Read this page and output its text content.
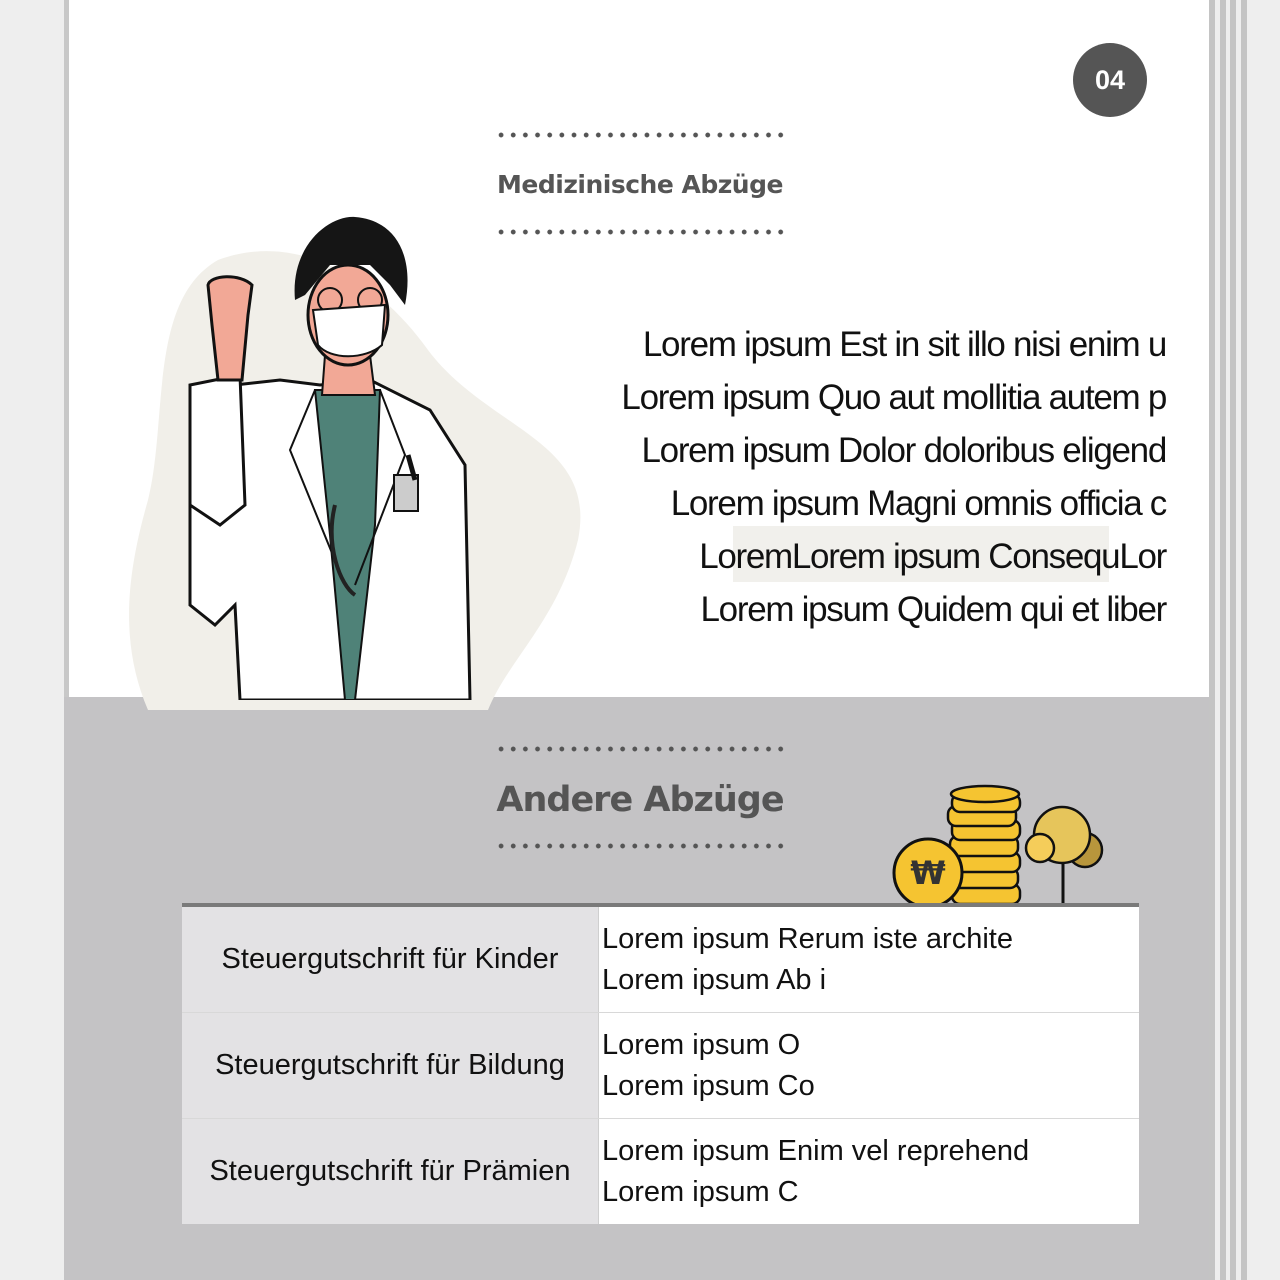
04
Medizinische Abzüge
Lorem ipsum Est in sit illo nisi enim u
Lorem ipsum Quo aut mollitia autem p
Lorem ipsum Dolor doloribus eligend
Lorem ipsum Magni omnis officia c
LoremLorem ipsum ConsequLor
Lorem ipsum Quidem qui et liber
Andere Abzüge
₩
Steuergutschrift für Kinder
Lorem ipsum Rerum iste archite
Lorem ipsum Ab i
Steuergutschrift für Bildung
Lorem ipsum O
Lorem ipsum Co
Steuergutschrift für Prämien
Lorem ipsum Enim vel reprehend
Lorem ipsum C
